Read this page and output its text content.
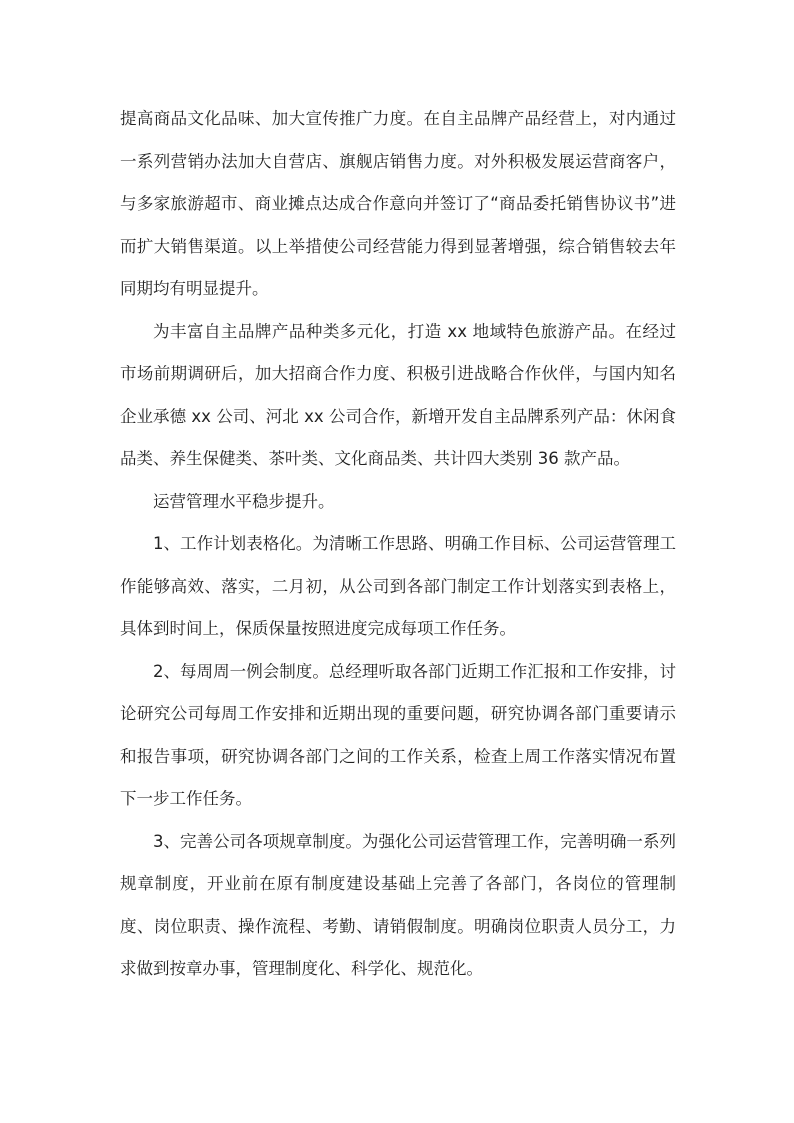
提高商品文化品味、加大宣传推广力度。在自主品牌产品经营上，对内通过一系列营销办法加大自营店、旗舰店销售力度。对外积极发展运营商客户，与多家旅游超市、商业摊点达成合作意向并签订了“商品委托销售协议书”进而扩大销售渠道。以上举措使公司经营能力得到显著增强，综合销售较去年同期均有明显提升。

为丰富自主品牌产品种类多元化，打造 xx 地域特色旅游产品。在经过市场前期调研后，加大招商合作力度、积极引进战略合作伙伴，与国内知名企业承德 xx 公司、河北 xx 公司合作，新增开发自主品牌系列产品：休闲食品类、养生保健类、茶叶类、文化商品类、共计四大类别 36 款产品。

运营管理水平稳步提升。

1、工作计划表格化。为清晰工作思路、明确工作目标、公司运营管理工作能够高效、落实，二月初，从公司到各部门制定工作计划落实到表格上，具体到时间上，保质保量按照进度完成每项工作任务。

2、每周周一例会制度。总经理听取各部门近期工作汇报和工作安排，讨论研究公司每周工作安排和近期出现的重要问题，研究协调各部门重要请示和报告事项，研究协调各部门之间的工作关系，检查上周工作落实情况布置下一步工作任务。

3、完善公司各项规章制度。为强化公司运营管理工作，完善明确一系列规章制度，开业前在原有制度建设基础上完善了各部门，各岗位的管理制度、岗位职责、操作流程、考勤、请销假制度。明确岗位职责人员分工，力求做到按章办事，管理制度化、科学化、规范化。
